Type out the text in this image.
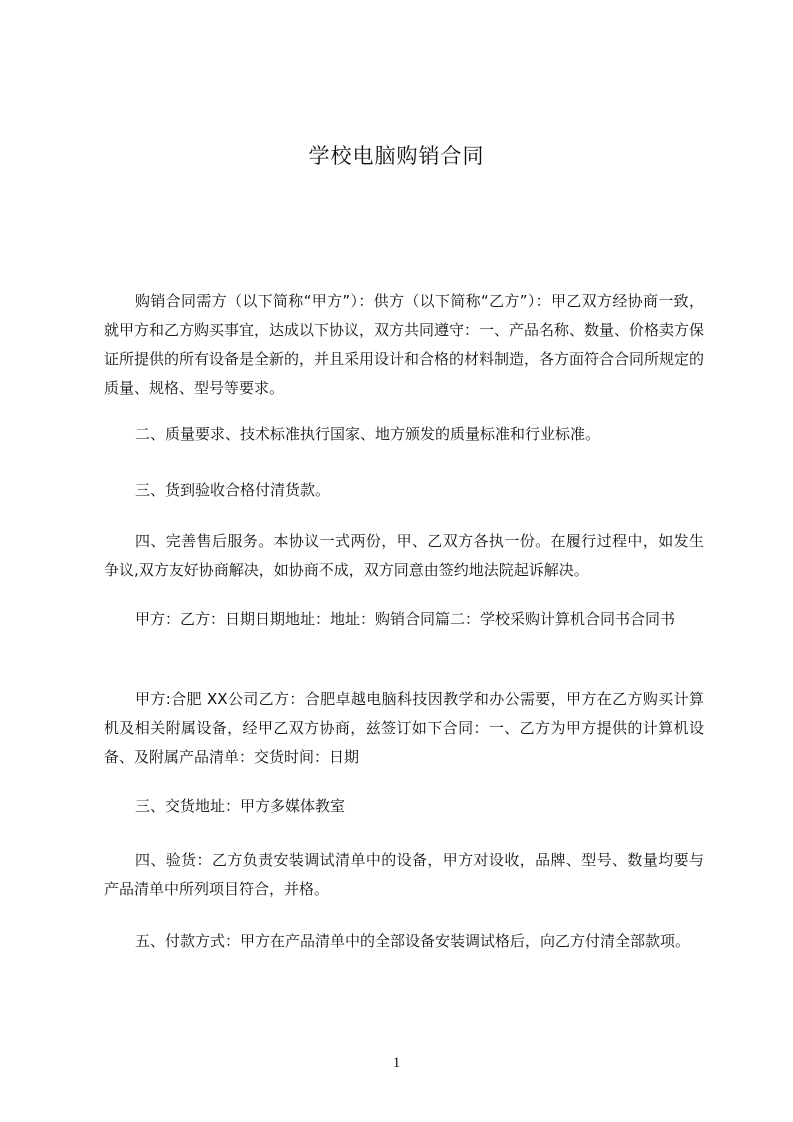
学校电脑购销合同
购销合同需方（以下简称“甲方”）：供方（以下简称“乙方”）：甲乙双方经协商一致，就甲方和乙方购买事宜，达成以下协议，双方共同遵守：一、产品名称、数量、价格卖方保证所提供的所有设备是全新的，并且采用设计和合格的材料制造，各方面符合合同所规定的质量、规格、型号等要求。
二、质量要求、技术标准执行国家、地方颁发的质量标准和行业标准。
三、货到验收合格付清货款。
四、完善售后服务。本协议一式两份，甲、乙双方各执一份。在履行过程中，如发生争议,双方友好协商解决，如协商不成，双方同意由签约地法院起诉解决。
甲方：乙方：日期日期地址：地址：购销合同篇二：学校采购计算机合同书合同书
甲方:合肥 XX公司乙方：合肥卓越电脑科技因教学和办公需要，甲方在乙方购买计算机及相关附属设备，经甲乙双方协商，兹签订如下合同：一、乙方为甲方提供的计算机设备、及附属产品清单：交货时间：日期
三、交货地址：甲方多媒体教室
四、验货：乙方负责安装调试清单中的设备，甲方对设收，品牌、型号、数量均要与产品清单中所列项目符合，并格。
五、付款方式：甲方在产品清单中的全部设备安装调试格后，向乙方付清全部款项。
1
